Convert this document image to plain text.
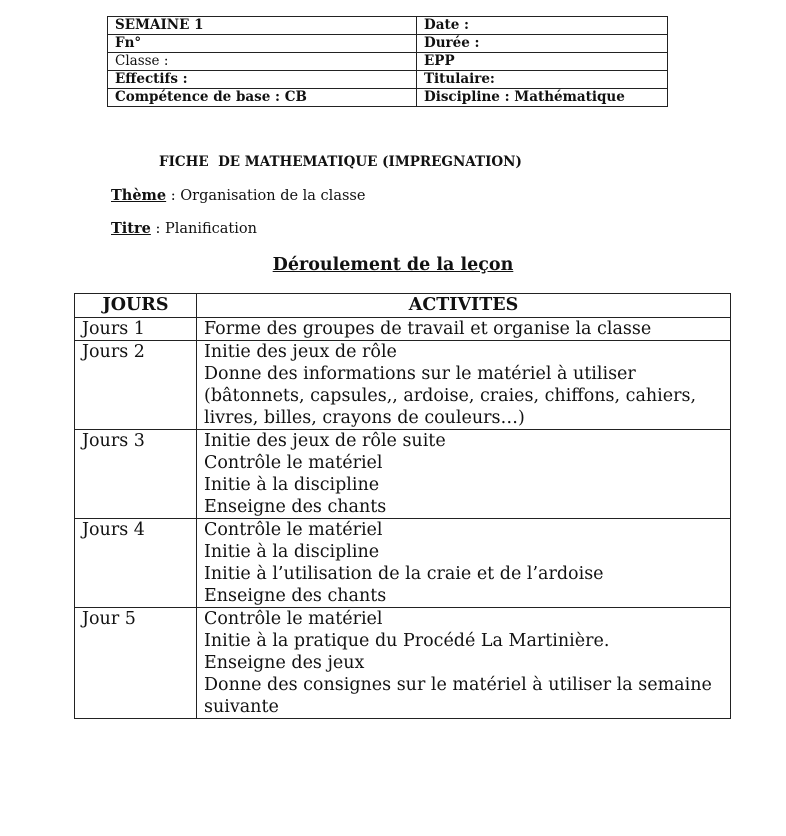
SEMAINE 1	Date :
Fn°	Durée :
Classe :	EPP
Effectifs :	Titulaire:
Compétence de base : CB	Discipline : Mathématique
FICHE  DE MATHEMATIQUE (IMPREGNATION)
Thème : Organisation de la classe
Titre : Planification
Déroulement de la leçon
JOURS	ACTIVITES
Jours 1	Forme des groupes de travail et organise la classe

Jours 2	Initie des jeux de rôle
Donne des informations sur le matériel à utiliser (bâtonnets, capsules,, ardoise, craies, chiffons, cahiers, livres, billes, crayons de couleurs…)

Jours 3	Initie des jeux de rôle suite
Contrôle le matériel
Initie à la discipline
Enseigne des chants

Jours 4	Contrôle le matériel
Initie à la discipline
Initie à l’utilisation de la craie et de l’ardoise
Enseigne des chants

Jour 5	Contrôle le matériel
Initie à la pratique du Procédé La Martinière.
Enseigne des jeux
Donne des consignes sur le matériel à utiliser la semaine suivante
